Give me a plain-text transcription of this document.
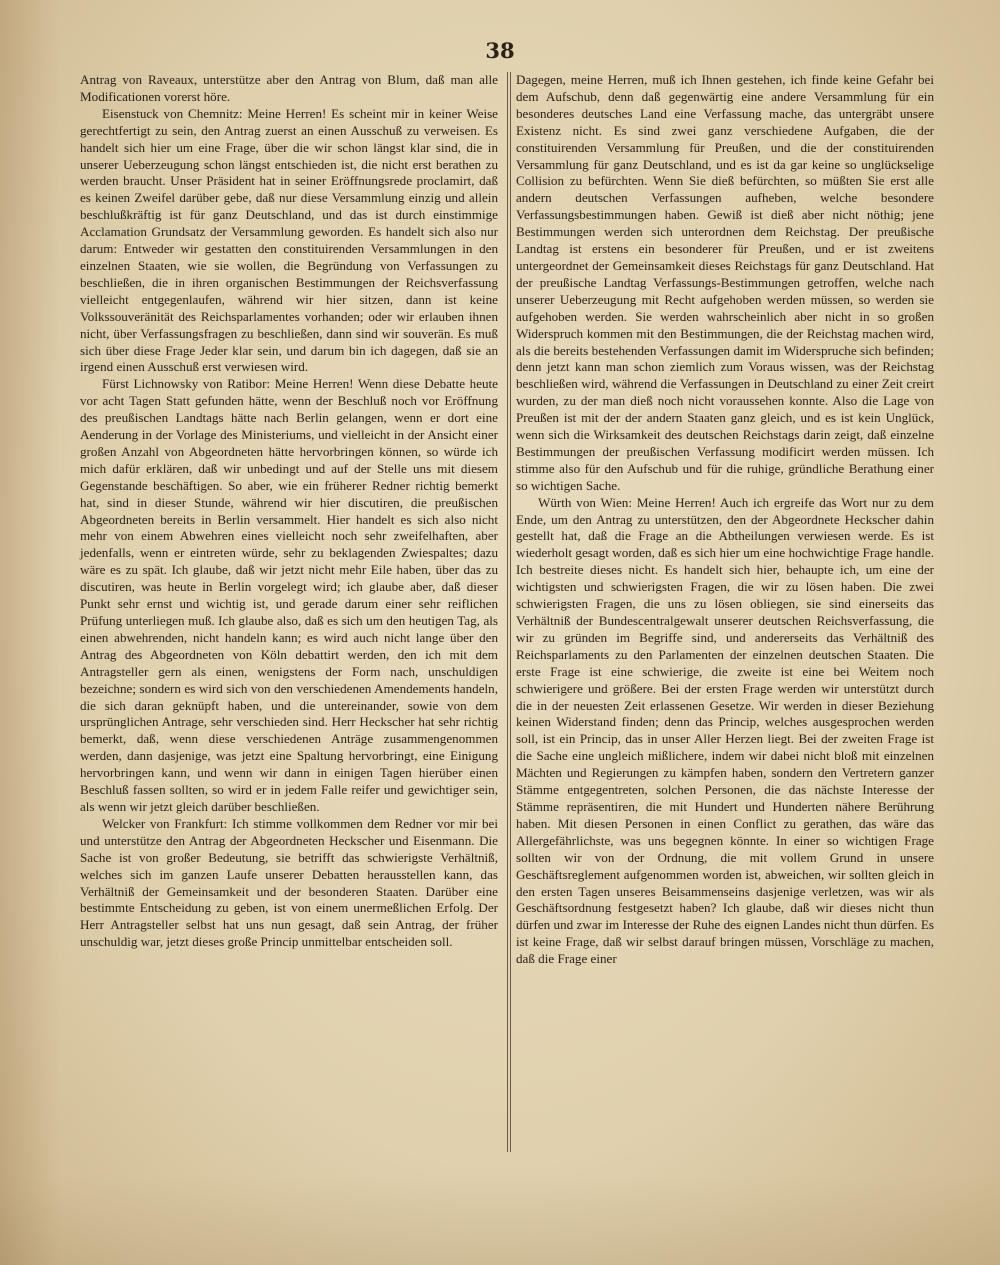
38

Antrag von Raveaux, unterstütze aber den Antrag von Blum, daß man alle Modificationen vorerst höre.

Eisenstuck von Chemnitz: Meine Herren! Es scheint mir in keiner Weise gerechtfertigt zu sein, den Antrag zuerst an einen Ausschuß zu verweisen. Es handelt sich hier um eine Frage, über die wir schon längst klar sind, die in unserer Ueberzeugung schon längst entschieden ist, die nicht erst berathen zu werden braucht. Unser Präsident hat in seiner Eröffnungsrede proclamirt, daß es keinen Zweifel darüber gebe, daß nur diese Versammlung einzig und allein beschlußkräftig ist für ganz Deutschland, und das ist durch einstimmige Acclamation Grundsatz der Versammlung geworden. Es handelt sich also nur darum: Entweder wir gestatten den constituirenden Versammlungen in den einzelnen Staaten, wie sie wollen, die Begründung von Verfassungen zu beschließen, die in ihren organischen Bestimmungen der Reichsverfassung vielleicht entgegenlaufen, während wir hier sitzen, dann ist keine Volkssouveränität des Reichsparlamentes vorhanden; oder wir erlauben ihnen nicht, über Verfassungsfragen zu beschließen, dann sind wir souverän. Es muß sich über diese Frage Jeder klar sein, und darum bin ich dagegen, daß sie an irgend einen Ausschuß erst verwiesen wird.

Fürst Lichnowsky von Ratibor: Meine Herren! Wenn diese Debatte heute vor acht Tagen Statt gefunden hätte, wenn der Beschluß noch vor Eröffnung des preußischen Landtags hätte nach Berlin gelangen, wenn er dort eine Aenderung in der Vorlage des Ministeriums, und vielleicht in der Ansicht einer großen Anzahl von Abgeordneten hätte hervorbringen können, so würde ich mich dafür erklären, daß wir unbedingt und auf der Stelle uns mit diesem Gegenstande beschäftigen. So aber, wie ein früherer Redner richtig bemerkt hat, sind in dieser Stunde, während wir hier discutiren, die preußischen Abgeordneten bereits in Berlin versammelt. Hier handelt es sich also nicht mehr von einem Abwehren eines vielleicht noch sehr zweifelhaften, aber jedenfalls, wenn er eintreten würde, sehr zu beklagenden Zwiespaltes; dazu wäre es zu spät. Ich glaube, daß wir jetzt nicht mehr Eile haben, über das zu discutiren, was heute in Berlin vorgelegt wird; ich glaube aber, daß dieser Punkt sehr ernst und wichtig ist, und gerade darum einer sehr reiflichen Prüfung unterliegen muß. Ich glaube also, daß es sich um den heutigen Tag, als einen abwehrenden, nicht handeln kann; es wird auch nicht lange über den Antrag des Abgeordneten von Köln debattirt werden, den ich mit dem Antragsteller gern als einen, wenigstens der Form nach, unschuldigen bezeichne; sondern es wird sich von den verschiedenen Amendements handeln, die sich daran geknüpft haben, und die untereinander, sowie von dem ursprünglichen Antrage, sehr verschieden sind. Herr Heckscher hat sehr richtig bemerkt, daß, wenn diese verschiedenen Anträge zusammengenommen werden, dann dasjenige, was jetzt eine Spaltung hervorbringt, eine Einigung hervorbringen kann, und wenn wir dann in einigen Tagen hierüber einen Beschluß fassen sollten, so wird er in jedem Falle reifer und gewichtiger sein, als wenn wir jetzt gleich darüber beschließen.

Welcker von Frankfurt: Ich stimme vollkommen dem Redner vor mir bei und unterstütze den Antrag der Abgeordneten Heckscher und Eisenmann. Die Sache ist von großer Bedeutung, sie betrifft das schwierigste Verhältniß, welches sich im ganzen Laufe unserer Debatten herausstellen kann, das Verhältniß der Gemeinsamkeit und der besonderen Staaten. Darüber eine bestimmte Entscheidung zu geben, ist von einem unermeßlichen Erfolg. Der Herr Antragsteller selbst hat uns nun gesagt, daß sein Antrag, der früher unschuldig war, jetzt dieses große Princip unmittelbar entscheiden soll.

Dagegen, meine Herren, muß ich Ihnen gestehen, ich finde keine Gefahr bei dem Aufschub, denn daß gegenwärtig eine andere Versammlung für ein besonderes deutsches Land eine Verfassung mache, das untergräbt unsere Existenz nicht. Es sind zwei ganz verschiedene Aufgaben, die der constituirenden Versammlung für Preußen, und die der constituirenden Versammlung für ganz Deutschland, und es ist da gar keine so unglückselige Collision zu befürchten. Wenn Sie dieß befürchten, so müßten Sie erst alle andern deutschen Verfassungen aufheben, welche besondere Verfassungsbestimmungen haben. Gewiß ist dieß aber nicht nöthig; jene Bestimmungen werden sich unterordnen dem Reichstag. Der preußische Landtag ist erstens ein besonderer für Preußen, und er ist zweitens untergeordnet der Gemeinsamkeit dieses Reichstags für ganz Deutschland. Hat der preußische Landtag Verfassungs-Bestimmungen getroffen, welche nach unserer Ueberzeugung mit Recht aufgehoben werden müssen, so werden sie aufgehoben werden. Sie werden wahrscheinlich aber nicht in so großen Widerspruch kommen mit den Bestimmungen, die der Reichstag machen wird, als die bereits bestehenden Verfassungen damit im Widerspruche sich befinden; denn jetzt kann man schon ziemlich zum Voraus wissen, was der Reichstag beschließen wird, während die Verfassungen in Deutschland zu einer Zeit creirt wurden, zu der man dieß noch nicht voraussehen konnte. Also die Lage von Preußen ist mit der der andern Staaten ganz gleich, und es ist kein Unglück, wenn sich die Wirksamkeit des deutschen Reichstags darin zeigt, daß einzelne Bestimmungen der preußischen Verfassung modificirt werden müssen. Ich stimme also für den Aufschub und für die ruhige, gründliche Berathung einer so wichtigen Sache.

Würth von Wien: Meine Herren! Auch ich ergreife das Wort nur zu dem Ende, um den Antrag zu unterstützen, den der Abgeordnete Heckscher dahin gestellt hat, daß die Frage an die Abtheilungen verwiesen werde. Es ist wiederholt gesagt worden, daß es sich hier um eine hochwichtige Frage handle. Ich bestreite dieses nicht. Es handelt sich hier, behaupte ich, um eine der wichtigsten und schwierigsten Fragen, die wir zu lösen haben. Die zwei schwierigsten Fragen, die uns zu lösen obliegen, sie sind einerseits das Verhältniß der Bundescentralgewalt unserer deutschen Reichsverfassung, die wir zu gründen im Begriffe sind, und andererseits das Verhältniß des Reichsparlaments zu den Parlamenten der einzelnen deutschen Staaten. Die erste Frage ist eine schwierige, die zweite ist eine bei Weitem noch schwierigere und größere. Bei der ersten Frage werden wir unterstützt durch die in der neuesten Zeit erlassenen Gesetze. Wir werden in dieser Beziehung keinen Widerstand finden; denn das Princip, welches ausgesprochen werden soll, ist ein Princip, das in unser Aller Herzen liegt. Bei der zweiten Frage ist die Sache eine ungleich mißlichere, indem wir dabei nicht bloß mit einzelnen Mächten und Regierungen zu kämpfen haben, sondern den Vertretern ganzer Stämme entgegentreten, solchen Personen, die das nächste Interesse der Stämme repräsentiren, die mit Hundert und Hunderten nähere Berührung haben. Mit diesen Personen in einen Conflict zu gerathen, das wäre das Allergefährlichste, was uns begegnen könnte. In einer so wichtigen Frage sollten wir von der Ordnung, die mit vollem Grund in unsere Geschäftsreglement aufgenommen worden ist, abweichen, wir sollten gleich in den ersten Tagen unseres Beisammenseins dasjenige verletzen, was wir als Geschäftsordnung festgesetzt haben? Ich glaube, daß wir dieses nicht thun dürfen und zwar im Interesse der Ruhe des eignen Landes nicht thun dürfen. Es ist keine Frage, daß wir selbst darauf bringen müssen, Vorschläge zu machen, daß die Frage einer
